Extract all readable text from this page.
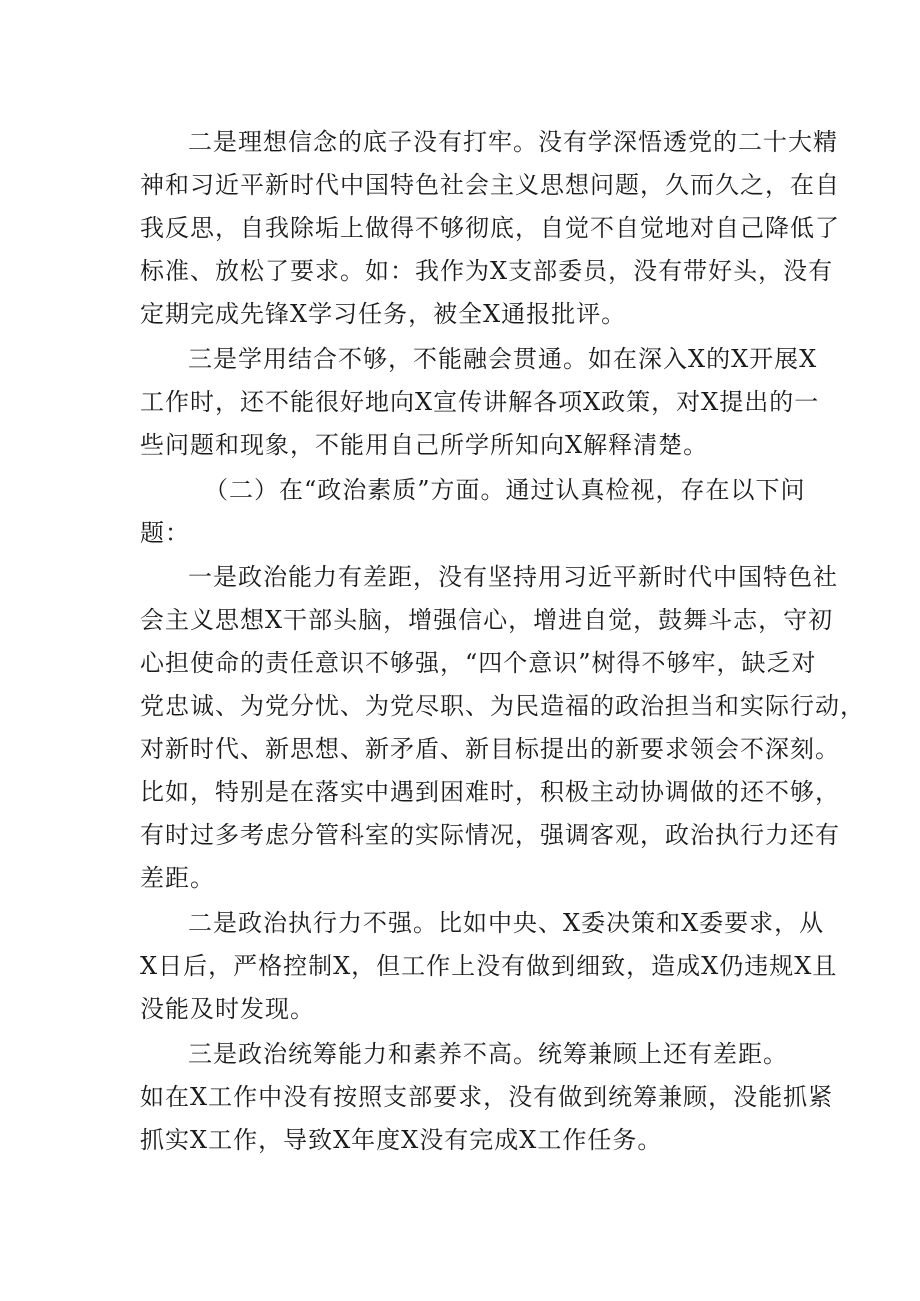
二是理想信念的底子没有打牢。没有学深悟透党的二十大精
神和习近平新时代中国特色社会主义思想问题，久而久之，在自
我反思，自我除垢上做得不够彻底，自觉不自觉地对自己降低了
标准、放松了要求。如：我作为X支部委员，没有带好头，没有
定期完成先锋X学习任务，被全X通报批评。
三是学用结合不够，不能融会贯通。如在深入X的X开展X
工作时，还不能很好地向X宣传讲解各项X政策，对X提出的一
些问题和现象，不能用自己所学所知向X解释清楚。
（二）在“政治素质”方面。通过认真检视，存在以下问
题：
一是政治能力有差距，没有坚持用习近平新时代中国特色社
会主义思想X干部头脑，增强信心，增进自觉，鼓舞斗志，守初
心担使命的责任意识不够强，“四个意识”树得不够牢，缺乏对
党忠诚、为党分忧、为党尽职、为民造福的政治担当和实际行动，
对新时代、新思想、新矛盾、新目标提出的新要求领会不深刻。
比如，特别是在落实中遇到困难时，积极主动协调做的还不够，
有时过多考虑分管科室的实际情况，强调客观，政治执行力还有
差距。
二是政治执行力不强。比如中央、X委决策和X委要求，从
X日后，严格控制X，但工作上没有做到细致，造成X仍违规X且
没能及时发现。
三是政治统筹能力和素养不高。统筹兼顾上还有差距。
如在X工作中没有按照支部要求，没有做到统筹兼顾，没能抓紧
抓实X工作，导致X年度X没有完成X工作任务。
